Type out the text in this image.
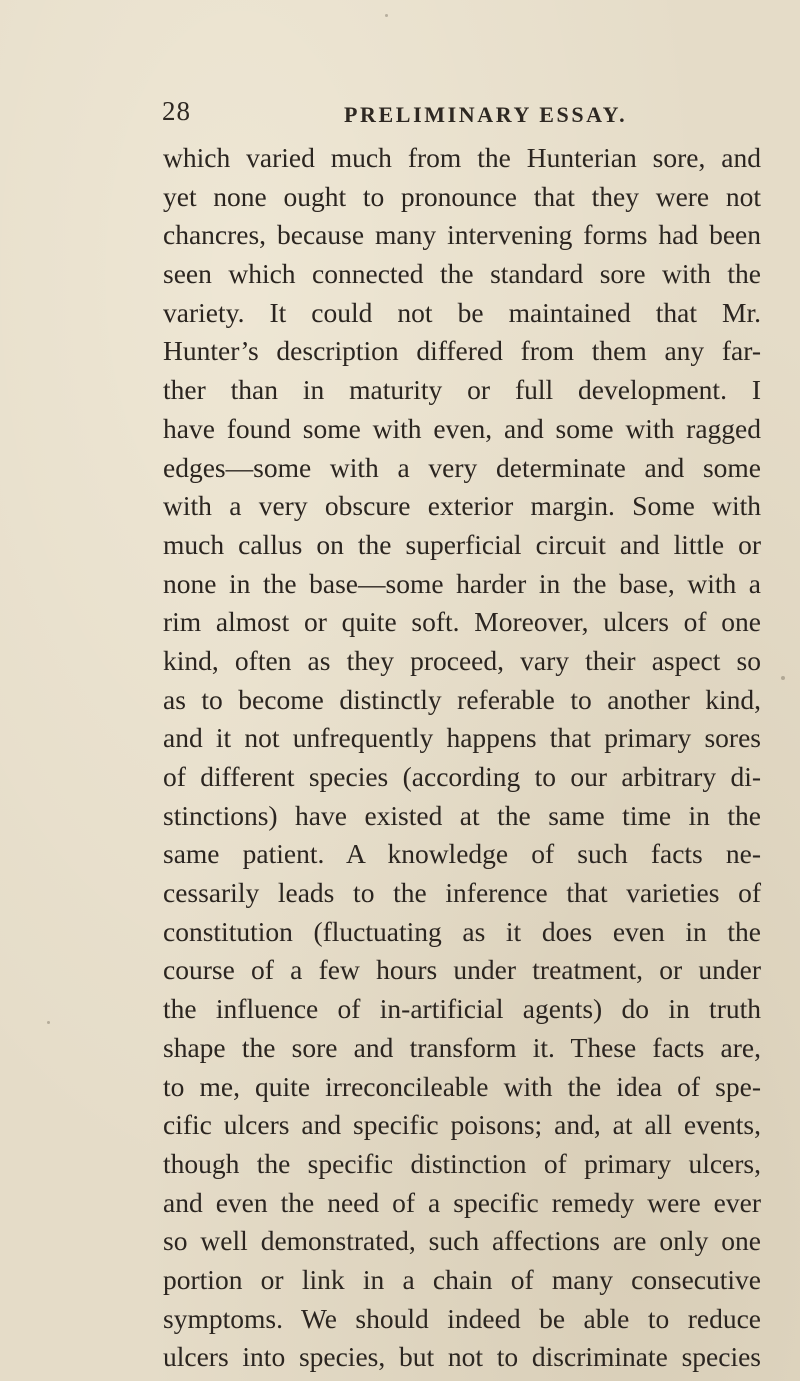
28	PRELIMINARY ESSAY.
which varied much from the Hunterian sore, and
yet none ought to pronounce that they were not
chancres, because many intervening forms had been
seen which connected the standard sore with the
variety. It could not be maintained that Mr.
Hunter’s description differed from them any far-
ther than in maturity or full development. I
have found some with even, and some with ragged
edges—some with a very determinate and some
with a very obscure exterior margin. Some with
much callus on the superficial circuit and little or
none in the base—some harder in the base, with a
rim almost or quite soft. Moreover, ulcers of one
kind, often as they proceed, vary their aspect so
as to become distinctly referable to another kind,
and it not unfrequently happens that primary sores
of different species (according to our arbitrary di-
stinctions) have existed at the same time in the
same patient. A knowledge of such facts ne-
cessarily leads to the inference that varieties of
constitution (fluctuating as it does even in the
course of a few hours under treatment, or under
the influence of in-artificial agents) do in truth
shape the sore and transform it. These facts are,
to me, quite irreconcileable with the idea of spe-
cific ulcers and specific poisons; and, at all events,
though the specific distinction of primary ulcers,
and even the need of a specific remedy were ever
so well demonstrated, such affections are only one
portion or link in a chain of many consecutive
symptoms. We should indeed be able to reduce
ulcers into species, but not to discriminate species
